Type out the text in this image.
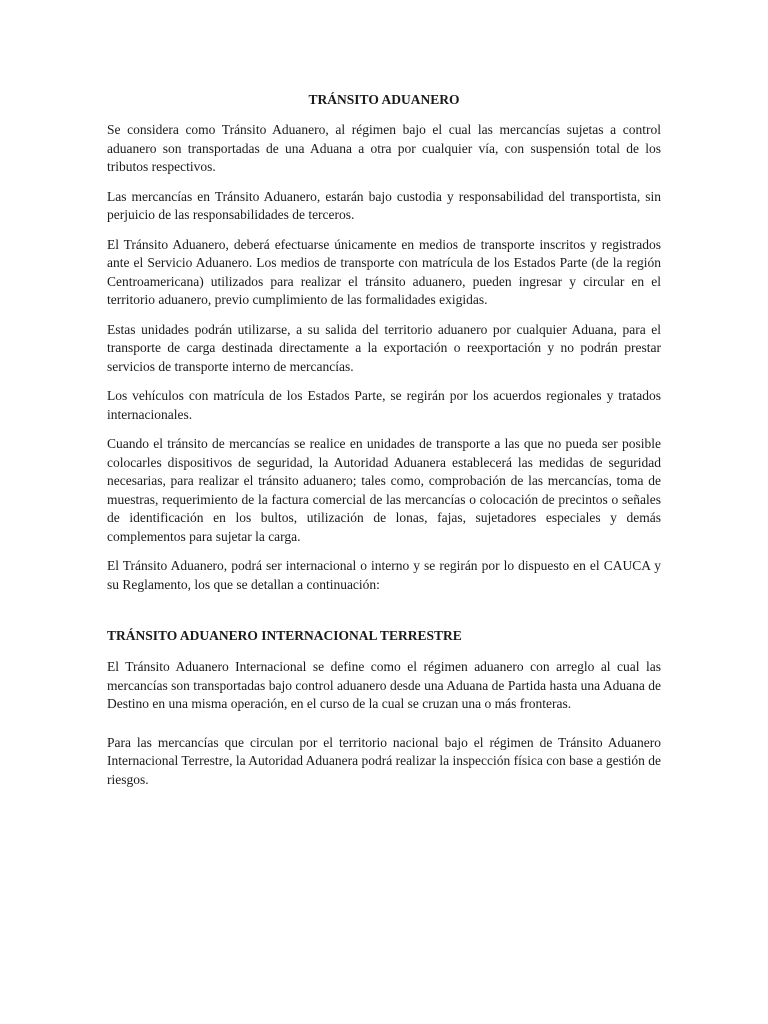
TRÁNSITO ADUANERO

Se considera como Tránsito Aduanero, al régimen bajo el cual las mercancías sujetas a control aduanero son transportadas de una Aduana a otra por cualquier vía, con suspensión total de los tributos respectivos.

Las mercancías en Tránsito Aduanero, estarán bajo custodia y responsabilidad del transportista, sin perjuicio de las responsabilidades de terceros.

El Tránsito Aduanero, deberá efectuarse únicamente en medios de transporte inscritos y registrados ante el Servicio Aduanero. Los medios de transporte con matrícula de los Estados Parte (de la región Centroamericana) utilizados para realizar el tránsito aduanero, pueden ingresar y circular en el territorio aduanero, previo cumplimiento de las formalidades exigidas.

Estas unidades podrán utilizarse, a su salida del territorio aduanero por cualquier Aduana, para el transporte de carga destinada directamente a la exportación o reexportación y no podrán prestar servicios de transporte interno de mercancías.

Los vehículos con matrícula de los Estados Parte, se regirán por los acuerdos regionales y tratados internacionales.

Cuando el tránsito de mercancías se realice en unidades de transporte a las que no pueda ser posible colocarles dispositivos de seguridad, la Autoridad Aduanera establecerá las medidas de seguridad necesarias, para realizar el tránsito aduanero; tales como, comprobación de las mercancías, toma de muestras, requerimiento de la factura comercial de las mercancías o colocación de precintos o señales de identificación en los bultos, utilización de lonas, fajas, sujetadores especiales y demás complementos para sujetar la carga.

El Tránsito Aduanero, podrá ser internacional o interno y se regirán por lo dispuesto en el CAUCA y su Reglamento, los que se detallan a continuación:

TRÁNSITO ADUANERO INTERNACIONAL TERRESTRE

El Tránsito Aduanero Internacional se define como el régimen aduanero con arreglo al cual las mercancías son transportadas bajo control aduanero desde una Aduana de Partida hasta una Aduana de Destino en una misma operación, en el curso de la cual se cruzan una o más fronteras.

Para las mercancías que circulan por el territorio nacional bajo el régimen de Tránsito Aduanero Internacional Terrestre, la Autoridad Aduanera podrá realizar la inspección física con base a gestión de riesgos.
